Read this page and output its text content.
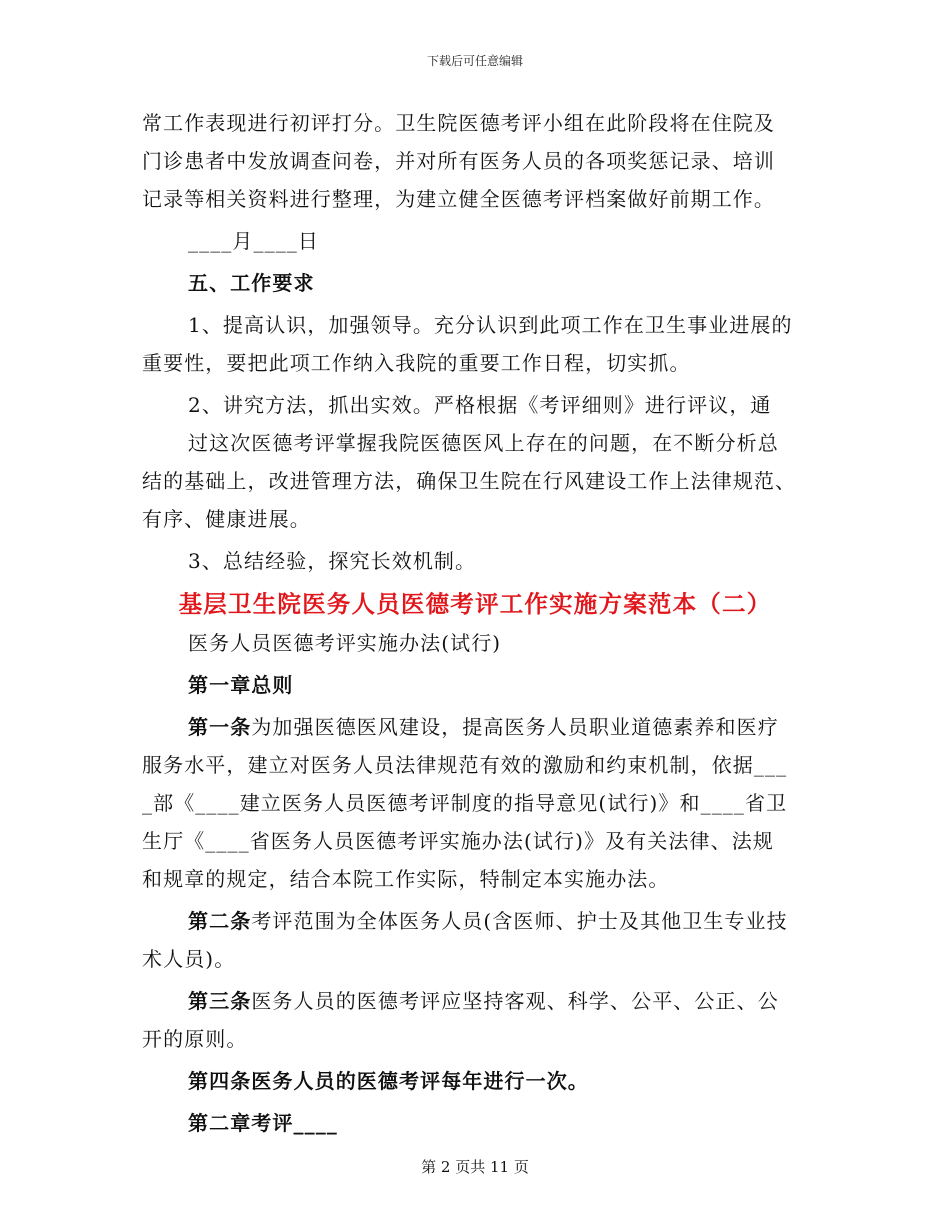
下载后可任意编辑
常工作表现进行初评打分。卫生院医德考评小组在此阶段将在住院及
门诊患者中发放调查问卷，并对所有医务人员的各项奖惩记录、培训
记录等相关资料进行整理，为建立健全医德考评档案做好前期工作。
____月____日
五、工作要求
1、提高认识，加强领导。充分认识到此项工作在卫生事业进展的
重要性，要把此项工作纳入我院的重要工作日程，切实抓。
2、讲究方法，抓出实效。严格根据《考评细则》进行评议，通
过这次医德考评掌握我院医德医风上存在的问题，在不断分析总
结的基础上，改进管理方法，确保卫生院在行风建设工作上法律规范、
有序、健康进展。
3、总结经验，探究长效机制。
基层卫生院医务人员医德考评工作实施方案范本（二）
医务人员医德考评实施办法(试行)
第一章总则
第一条为加强医德医风建设，提高医务人员职业道德素养和医疗
服务水平，建立对医务人员法律规范有效的激励和约束机制，依据___
_部《____建立医务人员医德考评制度的指导意见(试行)》和____省卫
生厅《____省医务人员医德考评实施办法(试行)》及有关法律、法规
和规章的规定，结合本院工作实际，特制定本实施办法。
第二条考评范围为全体医务人员(含医师、护士及其他卫生专业技
术人员)。
第三条医务人员的医德考评应坚持客观、科学、公平、公正、公
开的原则。
第四条医务人员的医德考评每年进行一次。
第二章考评____
第 2 页共 11 页
